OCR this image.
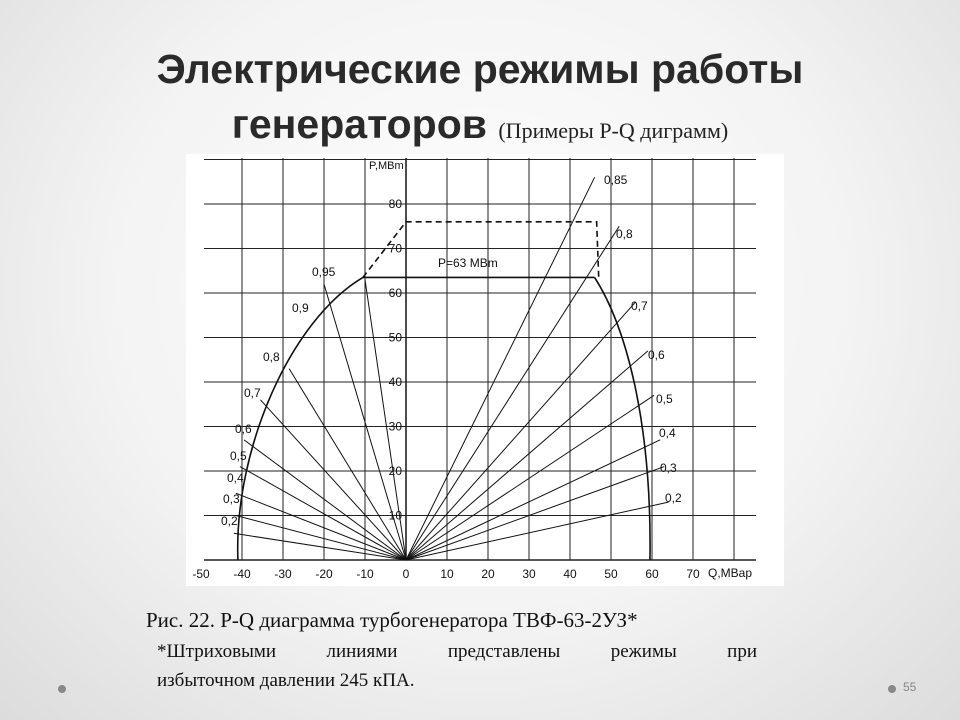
Электрические режимы работы
генераторов (Примеры P-Q диграмм)
-50 -40 -30 -20 -10 0	10 20 30 40 50 60 70
10
20
30
40
50
60
70
80
0,95
0,9
0,8
0,7
0,6
0,5
0,4
0,3
0,2
0,85
0,8
0,7
0,6
0,5
0,4
0,3
0,2
P,MBm
Q,MBap
P=63 MBm
Рис. 22. P-Q диаграмма турбогенератора ТВФ-63-2УЗ*
*Штриховыми линиями представлены режимы при
избыточном давлении 245 кПА.	55
